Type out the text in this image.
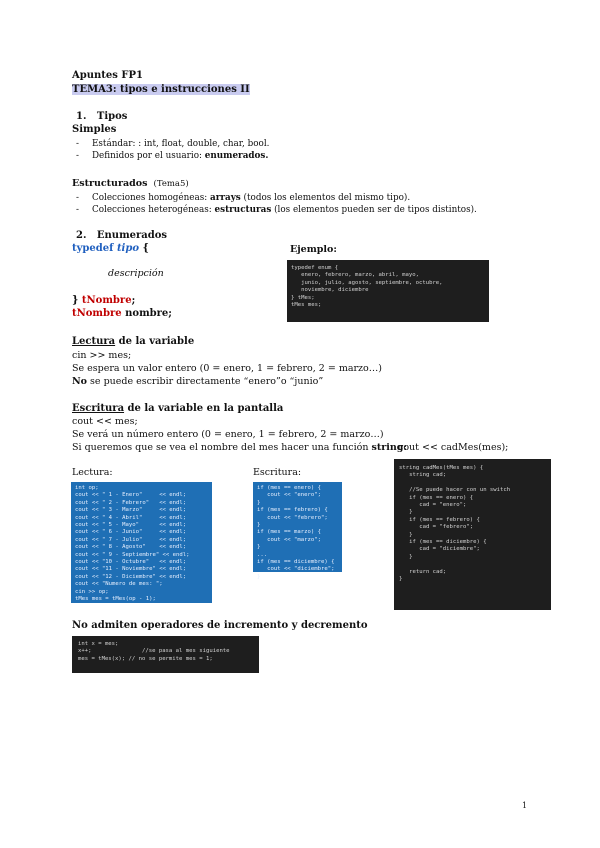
Apuntes FP1
TEMA3: tipos e instrucciones II
1. Tipos
Simples
- Estándar: : int, float, double, char, bool.
- Definidos por el usuario: enumerados.
Estructurados (Tema5)
- Colecciones homogéneas: arrays (todos los elementos del mismo tipo).
- Colecciones heterogéneas: estructuras (los elementos pueden ser de tipos distintos).
2. Enumerados
typedef tipo {
descripción
} tNombre;
tNombre nombre;
Ejemplo:
typedef enum {
enero, febrero, marzo, abril, mayo,
junio, julio, agosto, septiembre, octubre,
noviembre, diciembre
} tMes;
tMes mes;
Lectura de la variable
cin >> mes;
Se espera un valor entero (0 = enero, 1 = febrero, 2 = marzo…)
No se puede escribir directamente “enero”o “junio”
Escritura de la variable en la pantalla
cout << mes;
Se verá un número entero (0 = enero, 1 = febrero, 2 = marzo…)
Si queremos que se vea el nombre del mes hacer una función string:
cout << cadMes(mes);
Lectura:	Escritura:
int op;
cout << " 1 - Enero"     << endl;
cout << " 2 - Febrero"   << endl;
cout << " 3 - Marzo"     << endl;
cout << " 4 - Abril"     << endl;
cout << " 5 - Mayo"      << endl;
cout << " 6 - Junio"     << endl;
cout << " 7 - Julio"     << endl;
cout << " 8 - Agosto"    << endl;
cout << " 9 - Septiembre" << endl;
cout << "10 - Octubre"   << endl;
cout << "11 - Noviembre" << endl;
cout << "12 - Diciembre" << endl;
cout << "Numero de mes: ";
cin >> op;
tMes mes = tMes(op - 1);
if (mes == enero) {
cout << "enero";
}
if (mes == febrero) {
cout << "febrero";
}
if (mes == marzo) {
cout << "marzo";
}
...
if (mes == diciembre) {
cout << "diciembre";
}
string cadMes(tMes mes) {
string cad;

//Se puede hacer con un switch
if (mes == enero) {
cad = "enero";
}
if (mes == febrero) {
cad = "febrero";
}
if (mes == diciembre) {
cad = "diciembre";
}

return cad;
}
No admiten operadores de incremento y decremento
int x = mes;
x++;               //se pasa al mes siguiente
mes = tMes(x); // no se permite mes = 1;
1
